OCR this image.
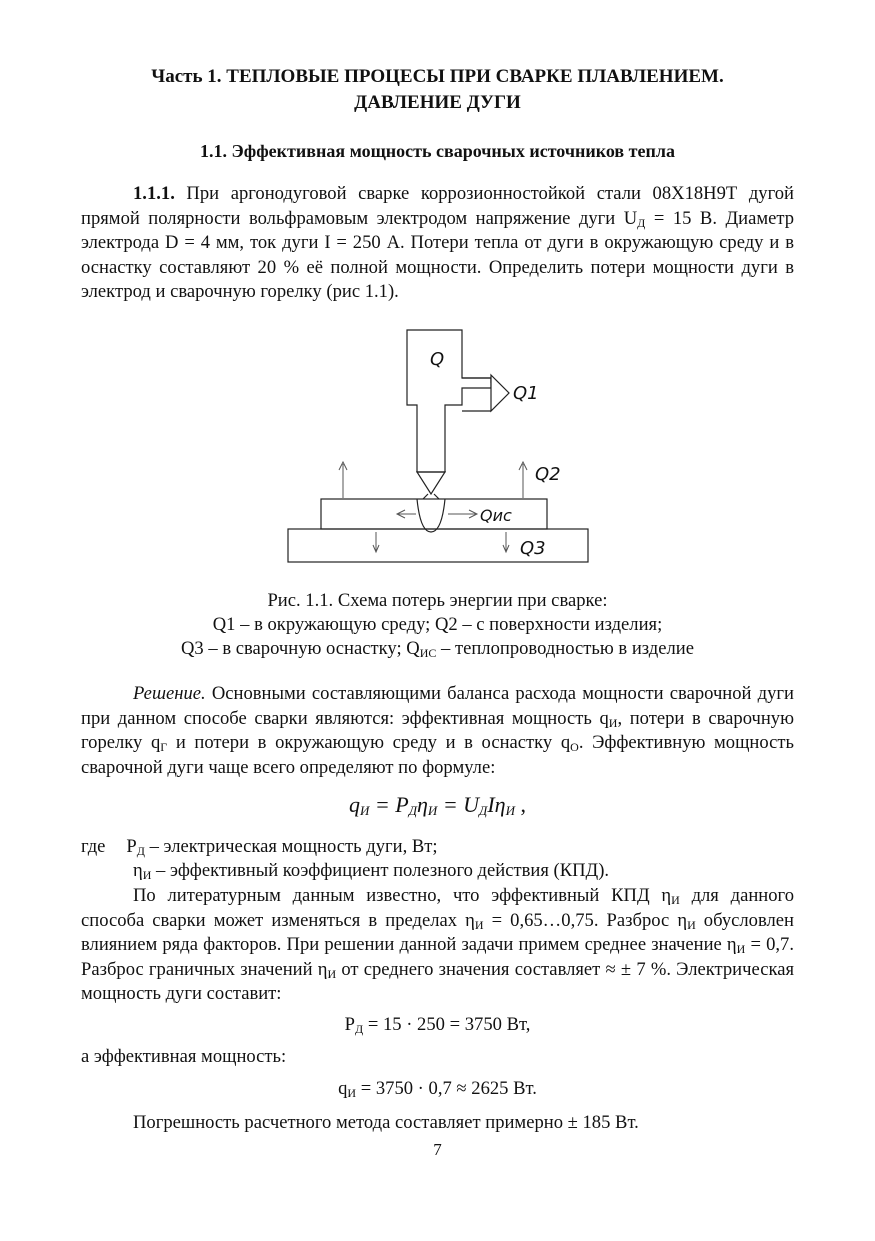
Часть 1. ТЕПЛОВЫЕ ПРОЦЕСЫ ПРИ СВАРКЕ ПЛАВЛЕНИЕМ.
ДАВЛЕНИЕ ДУГИ
1.1. Эффективная мощность сварочных источников тепла
1.1.1. При аргонодуговой сварке коррозионностойкой стали 08Х18Н9Т дугой прямой полярности вольфрамовым электродом напряжение дуги $U_Д = 15$ В. Диаметр электрода D = 4 мм, ток дуги I = 250 А. Потери тепла от дуги в окружающую среду и в оснастку составляют 20 % её полной мощности. Определить потери мощности дуги в электрод и сварочную горелку (рис 1.1).
Q
Q1
Q2
Qис
Q3
Рис. 1.1. Схема потерь энергии при сварке:
Q1 – в окружающую среду; Q2 – с поверхности изделия;
Q3 – в сварочную оснастку; $Q_{ИС}$ – теплопроводностью в изделие
Решение. Основными составляющими баланса расхода мощности сварочной дуги при данном способе сварки являются: эффективная мощность $q_И$, потери в сварочную горелку $q_Г$ и потери в окружающую среду и в оснастку $q_О$. Эффективную мощность сварочной дуги чаще всего определяют по формуле:
$q_И = P_Д\eta_И = U_ДI\eta_И$ ,
где $P_Д$ – электрическая мощность дуги, Вт;
$\eta_И$ – эффективный коэффициент полезного действия (КПД).
По литературным данным известно, что эффективный КПД $\eta_И$ для данного способа сварки может изменяться в пределах $\eta_И$ = 0,65…0,75. Разброс $\eta_И$ обусловлен влиянием ряда факторов. При решении данной задачи примем среднее значение $\eta_И = 0,7$. Разброс граничных значений $\eta_И$ от среднего значения составляет ≈ ± 7 %. Электрическая мощность дуги составит:
$P_Д = 15 \cdot 250 = 3750$ Вт,
а эффективная мощность:
$q_И = 3750 \cdot 0,7 \approx 2625$ Вт.
Погрешность расчетного метода составляет примерно ± 185 Вт.
7
